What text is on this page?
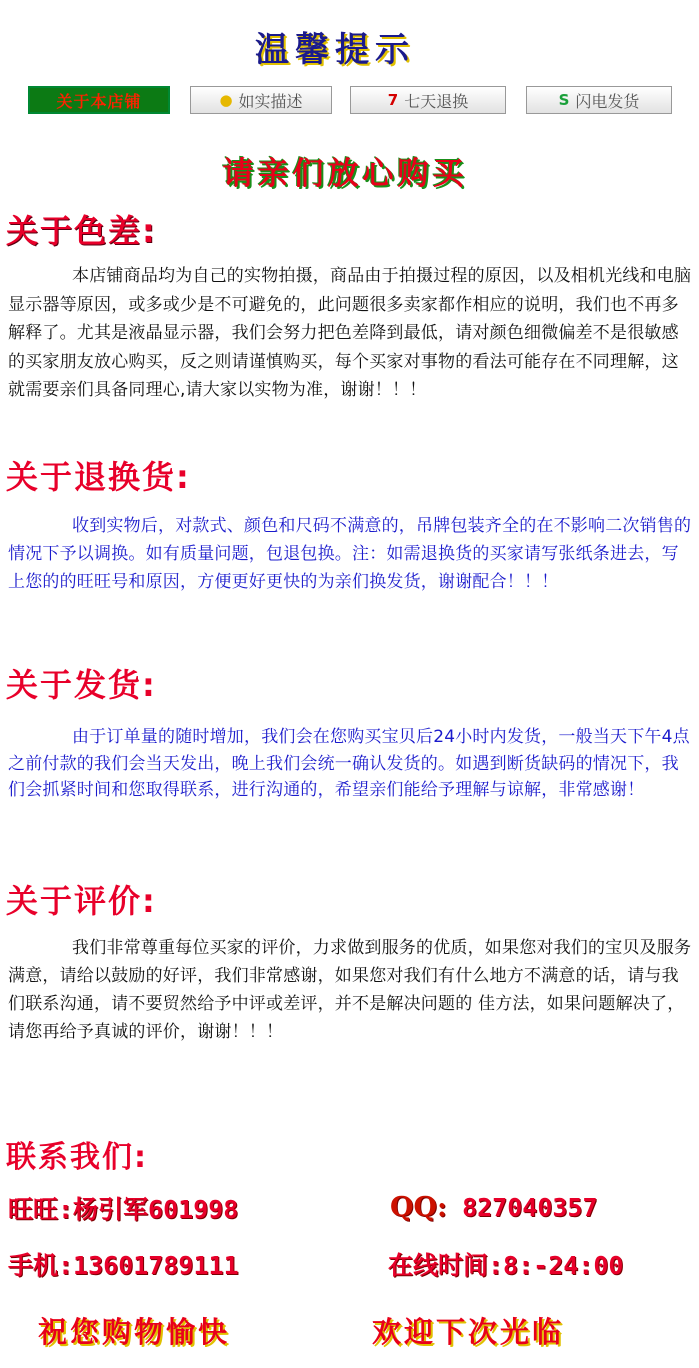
温馨提示
关于本店铺	● 如实描述	7 七天退换	S 闪电发货
请亲们放心购买
关于色差:
本店铺商品均为自己的实物拍摄，商品由于拍摄过程的原因，以及相机光线和电脑显示器等原因，或多或少是不可避免的，此问题很多卖家都作相应的说明，我们也不再多解释了。尤其是液晶显示器，我们会努力把色差降到最低，请对颜色细微偏差不是很敏感的买家朋友放心购买，反之则请谨慎购买，每个买家对事物的看法可能存在不同理解，这就需要亲们具备同理心,请大家以实物为准，谢谢！！！
关于退换货:
收到实物后，对款式、颜色和尺码不满意的，吊牌包装齐全的在不影响二次销售的情况下予以调换。如有质量问题，包退包换。注：如需退换货的买家请写张纸条进去，写上您的的旺旺号和原因，方便更好更快的为亲们换发货，谢谢配合！！！
关于发货:
由于订单量的随时增加，我们会在您购买宝贝后24小时内发货，一般当天下午4点之前付款的我们会当天发出，晚上我们会统一确认发货的。如遇到断货缺码的情况下，我们会抓紧时间和您取得联系，进行沟通的，希望亲们能给予理解与谅解，非常感谢！
关于评价:
我们非常尊重每位买家的评价，力求做到服务的优质，如果您对我们的宝贝及服务满意，请给以鼓励的好评，我们非常感谢，如果您对我们有什么地方不满意的话，请与我们联系沟通，请不要贸然给予中评或差评，并不是解决问题的 佳方法，如果问题解决了，请您再给予真诚的评价，谢谢！！！
联系我们:
旺旺:杨引军601998	QQ: 827040357
手机:13601789111	在线时间:8:-24:00
祝您购物愉快	欢迎下次光临
